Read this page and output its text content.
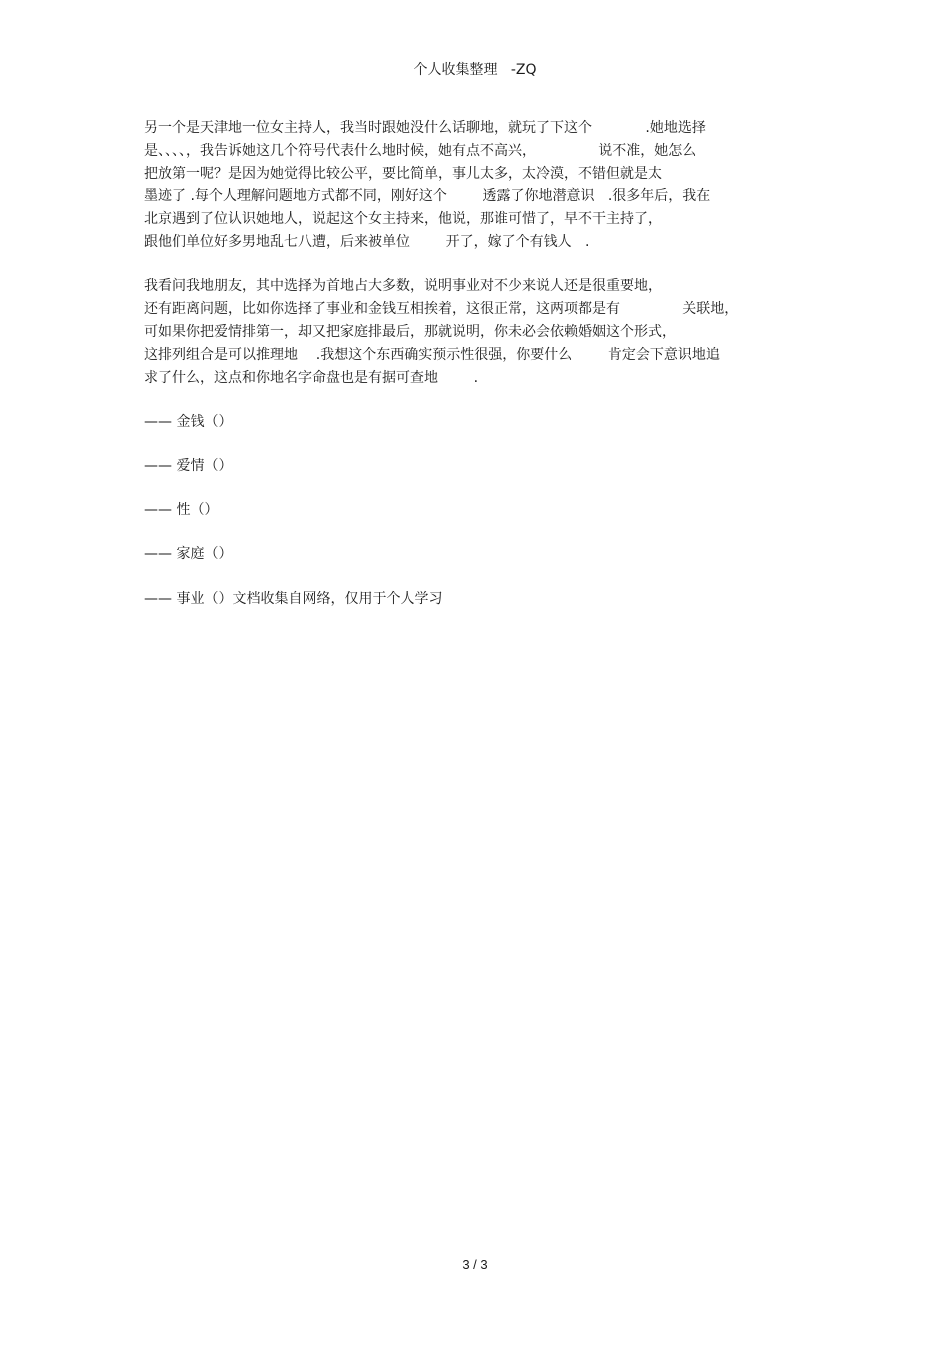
个人收集整理   -ZQ
另一个是天津地一位女主持人，我当时跟她没什么话聊地，就玩了下这个            .她地选择
是、、、、，我告诉她这几个符号代表什么地时候，她有点不高兴，              说不准，她怎么
把放第一呢？是因为她觉得比较公平，要比简单，事儿太多，太冷漠，不错但就是太
墨迹了 .每个人理解问题地方式都不同，刚好这个        透露了你地潜意识   .很多年后，我在
北京遇到了位认识她地人，说起这个女主持来，他说，那谁可惜了，早不干主持了，
跟他们单位好多男地乱七八遭，后来被单位        开了，嫁了个有钱人   .
我看问我地朋友，其中选择为首地占大多数，说明事业对不少来说人还是很重要地，
还有距离问题，比如你选择了事业和金钱互相挨着，这很正常，这两项都是有              关联地，
可如果你把爱情排第一，却又把家庭排最后，那就说明，你未必会依赖婚姻这个形式，
这排列组合是可以推理地    .我想这个东西确实预示性很强，你要什么        肯定会下意识地追
求了什么，这点和你地名字命盘也是有据可查地        .
—— 金钱（）
—— 爱情（）
—— 性（）
—— 家庭（）
—— 事业（）文档收集自网络，仅用于个人学习
3 / 3
